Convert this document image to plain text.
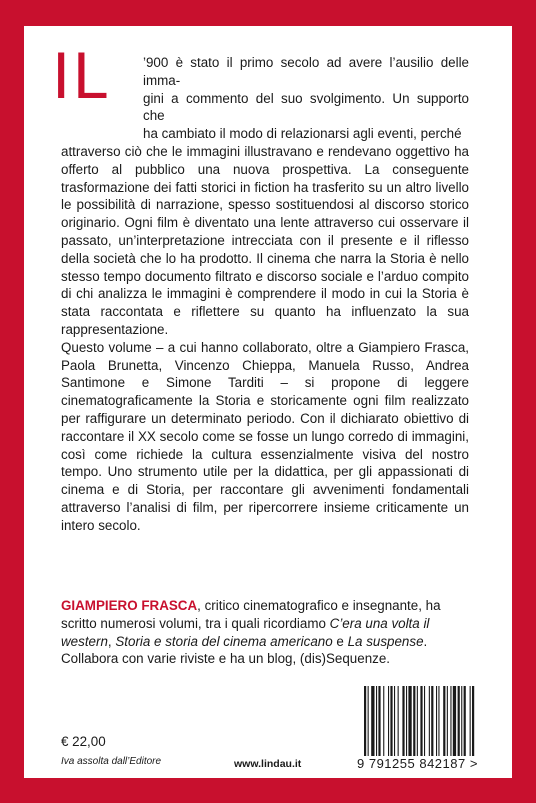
IL	’900 è stato il primo secolo ad avere l’ausilio delle imma-
gini a commento del suo svolgimento. Un supporto che
ha cambiato il modo di relazionarsi agli eventi, perché
attraverso ciò che le immagini illustravano e rendevano oggettivo ha offerto al pubblico una nuova prospettiva. La conseguente trasformazione dei fatti storici in fiction ha trasferito su un altro livello le possibilità di narrazione, spesso sostituendosi al discorso storico originario. Ogni film è diventato una lente attraverso cui osservare il passato, un’interpretazione intrecciata con il presente e il riflesso della società che lo ha prodotto. Il cinema che narra la Storia è nello stesso tempo documento filtrato e discorso sociale e l’arduo compito di chi analizza le immagini è comprendere il modo in cui la Storia è stata raccontata e riflettere su quanto ha influenzato la sua rappresentazione.

Questo volume – a cui hanno collaborato, oltre a Giampiero Frasca, Paola Brunetta, Vincenzo Chieppa, Manuela Russo, Andrea Santimone e Simone Tarditi – si propone di leggere cinematograficamente la Storia e storicamente ogni film realizzato per raffigurare un determinato periodo. Con il dichiarato obiettivo di raccontare il XX secolo come se fosse un lungo corredo di immagini, così come richiede la cultura essenzialmente visiva del nostro tempo. Uno strumento utile per la didattica, per gli appassionati di cinema e di Storia, per raccontare gli avvenimenti fondamentali attraverso l’analisi di film, per ripercorrere insieme criticamente un intero secolo.

GIAMPIERO FRASCA, critico cinematografico e insegnante, ha scritto numerosi volumi, tra i quali ricordiamo C’era una volta il western, Storia e storia del cinema americano e La suspense. Collabora con varie riviste e ha un blog, (dis)Sequenze.
€ 22,00
Iva assolta dall’Editore	www.lindau.it	9 791255 842187 >
